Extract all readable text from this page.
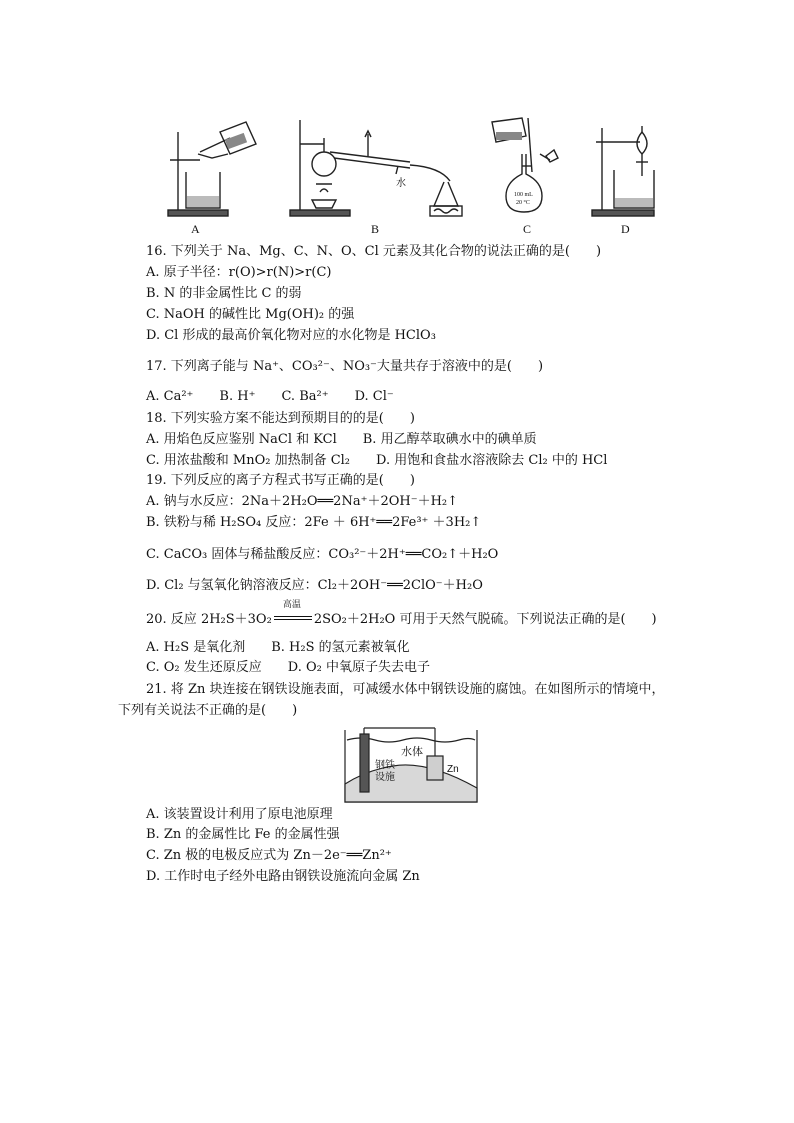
水
100 mL
20 °C
A	B	C	D
16. 下列关于 Na、Mg、C、N、O、Cl 元素及其化合物的说法正确的是(　　)
A. 原子半径：r(O)>r(N)>r(C)
B. N 的非金属性比 C 的弱
C. NaOH 的碱性比 Mg(OH)₂ 的强
D. Cl 形成的最高价氧化物对应的水化物是 HClO₃
17. 下列离子能与 Na⁺、CO₃²⁻、NO₃⁻大量共存于溶液中的是(　　)
A. Ca²⁺　　B. H⁺　　C. Ba²⁺　　D. Cl⁻
18. 下列实验方案不能达到预期目的的是(　　)
A. 用焰色反应鉴别 NaCl 和 KCl　　B. 用乙醇萃取碘水中的碘单质
C. 用浓盐酸和 MnO₂ 加热制备 Cl₂　　D. 用饱和食盐水溶液除去 Cl₂ 中的 HCl
19. 下列反应的离子方程式书写正确的是(　　)
A. 钠与水反应：2Na＋2H₂O══2Na⁺＋2OH⁻＋H₂↑
B. 铁粉与稀 H₂SO₄ 反应：2Fe ＋ 6H⁺══2Fe³⁺ ＋3H₂↑
C. CaCO₃ 固体与稀盐酸反应：CO₃²⁻＋2H⁺══CO₂↑＋H₂O
D. Cl₂ 与氢氧化钠溶液反应：Cl₂＋2OH⁻══2ClO⁻＋H₂O
20. 反应 2H₂S＋3O₂
高温
2SO₂＋2H₂O 可用于天然气脱硫。下列说法正确的是(　　)
A. H₂S 是氧化剂　　B. H₂S 的氢元素被氧化
C. O₂ 发生还原反应　　D. O₂ 中氧原子失去电子
21. 将 Zn 块连接在钢铁设施表面，可减缓水体中钢铁设施的腐蚀。在如图所示的情境中，
下列有关说法不正确的是(　　)
水体
钢铁
设施
Zn
A. 该装置设计利用了原电池原理
B. Zn 的金属性比 Fe 的金属性强
C. Zn 极的电极反应式为 Zn－2e⁻══Zn²⁺
D. 工作时电子经外电路由钢铁设施流向金属 Zn
